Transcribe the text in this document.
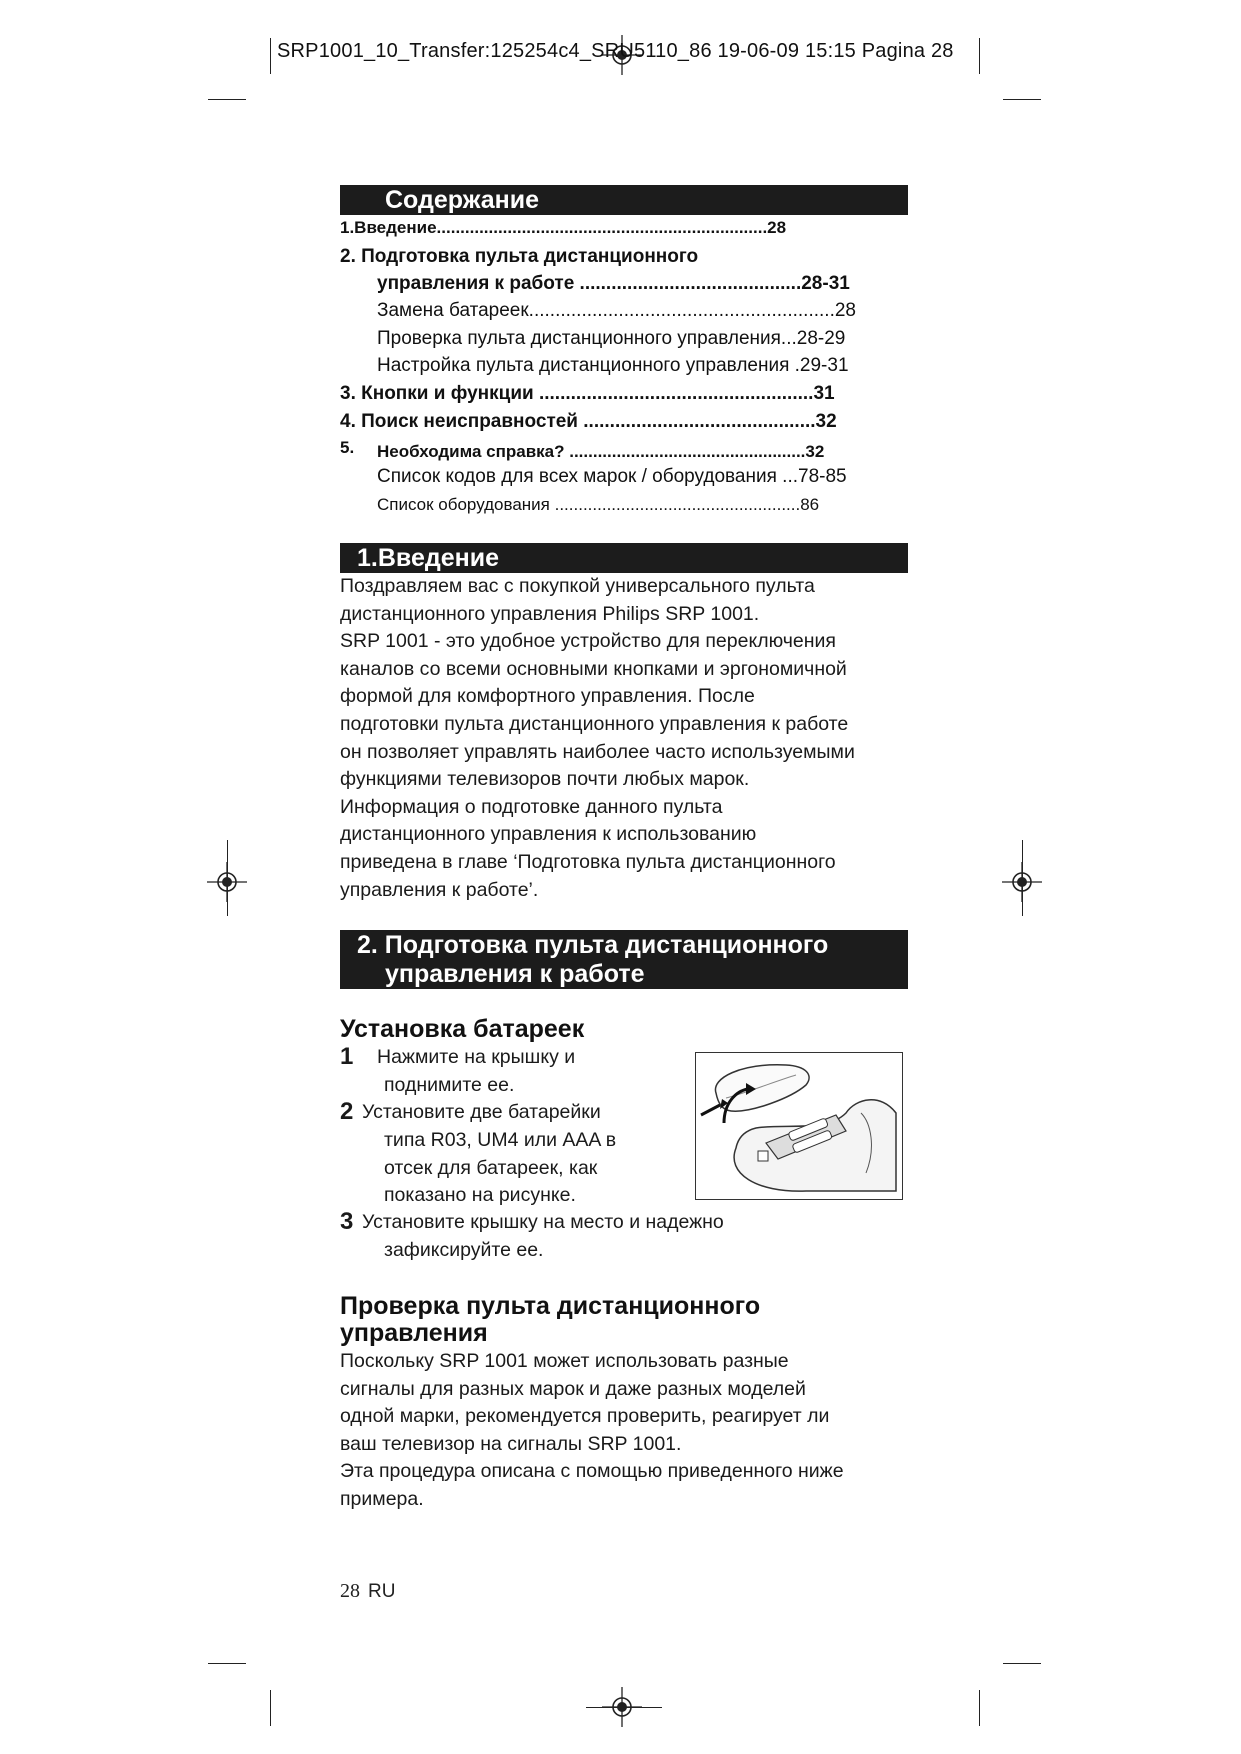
SRP1001_10_Transfer:125254c4_SRU5110_86 19-06-09 15:15 Pagina 28
Содержание
1.Введение......................................................................28
2. Подготовка пульта дистанционного
управления к работе ..........................................28-31
Замена батареек..........................................................28
Проверка пульта дистанционного управления...28-29
Настройка пульта дистанционного управления .29-31
3. Кнопки и функции ....................................................31
4. Поиск неисправностей ............................................32
5. Необходима справка? ..................................................32
Список кодов для всех марок / оборудования ...78-85
Список оборудования ....................................................86
1.Введение

Поздравляем вас с покупкой универсального пульта

дистанционного управления Philips SRP 1001.

SRP 1001 - это удобное устройство для переключения

каналов со всеми основными кнопками и эргономичной

формой для комфортного управления. После

подготовки пульта дистанционного управления к работе

он позволяет управлять наиболее часто используемыми

функциями телевизоров почти любых марок.

Информация о подготовке данного пульта

дистанционного управления к использованию

приведена в главе ‘Подготовка пульта дистанционного

управления к работе’.

2. Подготовка пульта дистанционного
управления к работе
Установка батареек
1 Нажмите на крышку и
поднимите ее.
2 Установите две батарейки
типа R03, UM4 или AAA в
отсек для батареек, как
показано на рисунке.
3 Установите крышку на место и надежно
зафиксируйте ее.
Проверка пульта дистанционного
управления

Поскольку SRP 1001 может использовать разные

сигналы для разных марок и даже разных моделей

одной марки, рекомендуется проверить, реагирует ли

ваш телевизор на сигналы SRP 1001.

Эта процедура описана с помощью приведенного ниже

примера.

28 RU
